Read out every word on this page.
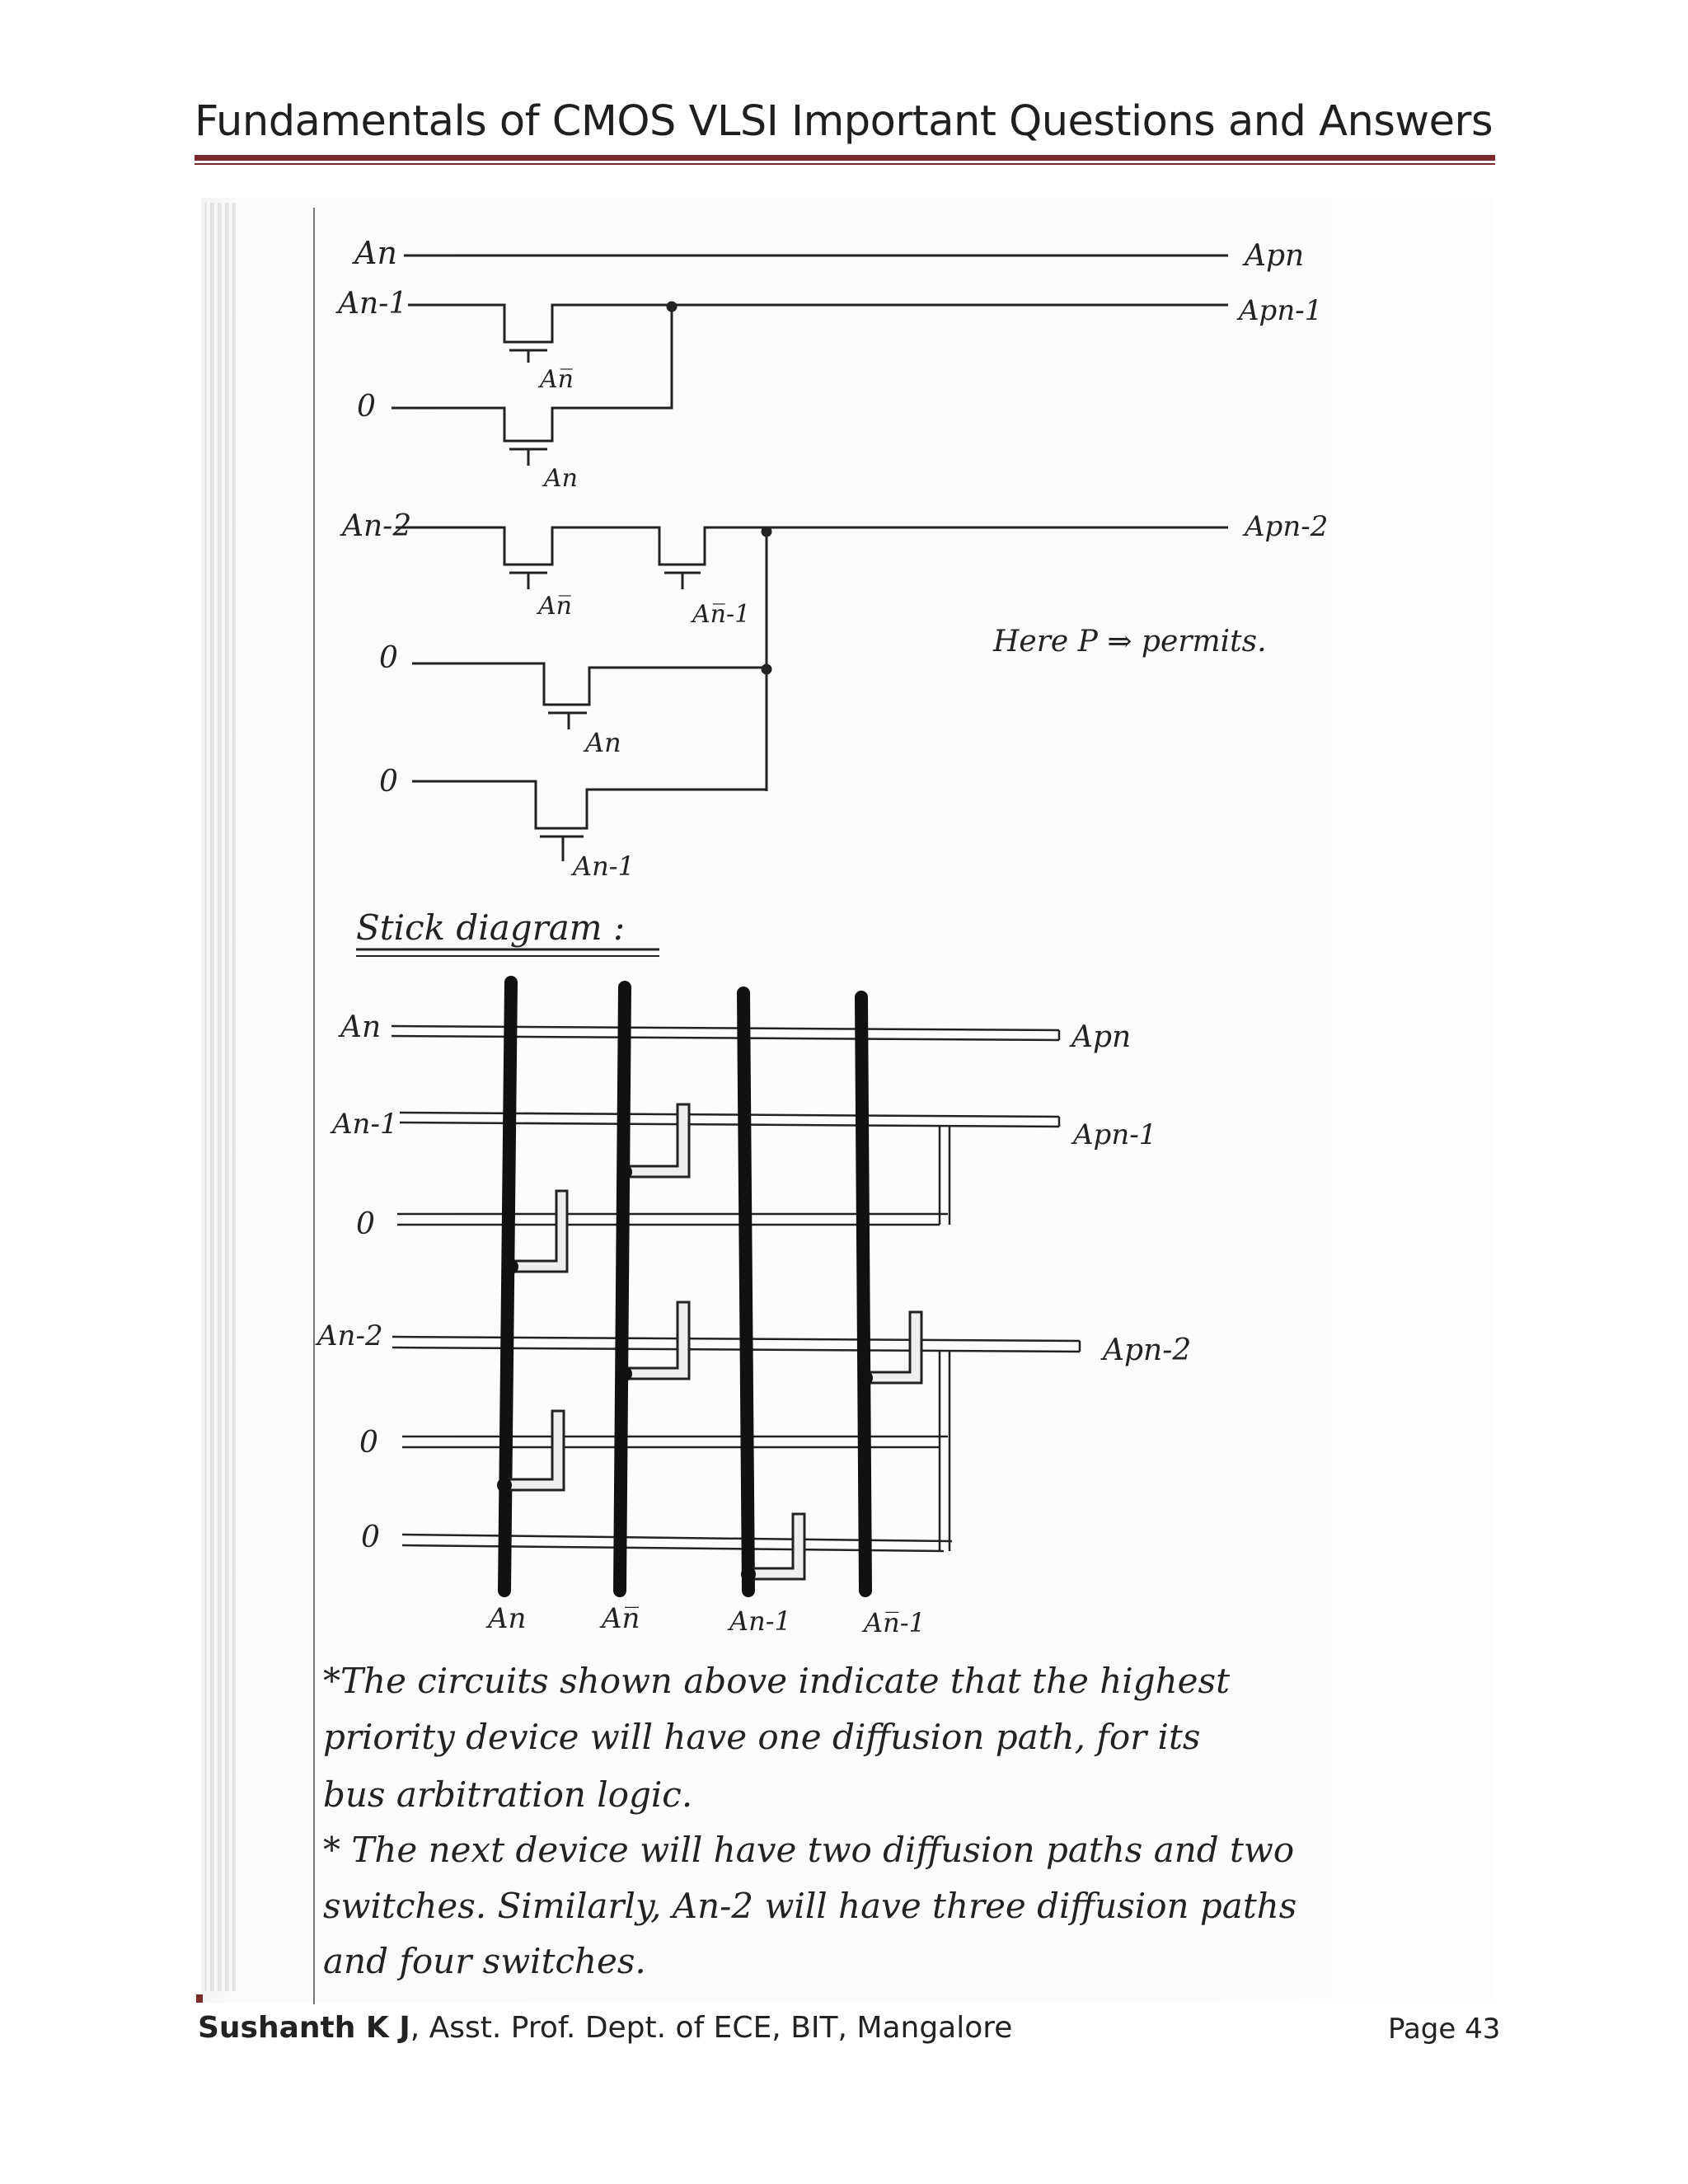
Fundamentals of CMOS VLSI Important Questions and Answers
An
An-1
0
An-2
0
0
Apn
Apn-1
Apn-2
An̅
An
An̅	An̅-1
An
An-1
Here P ⇒ permits.
Stick diagram :
An
An-1
0
An-2
0
0
Apn
Apn-1
Apn-2
An	An̅	An-1	An̅-1
*The circuits shown above indicate that the highest
priority device will have one diffusion path, for its
bus arbitration logic.
* The next device will have two diffusion paths and two
switches. Similarly, An-2 will have three diffusion paths
and four switches.
Sushanth K J, Asst. Prof. Dept. of ECE, BIT, Mangalore	Page 43
